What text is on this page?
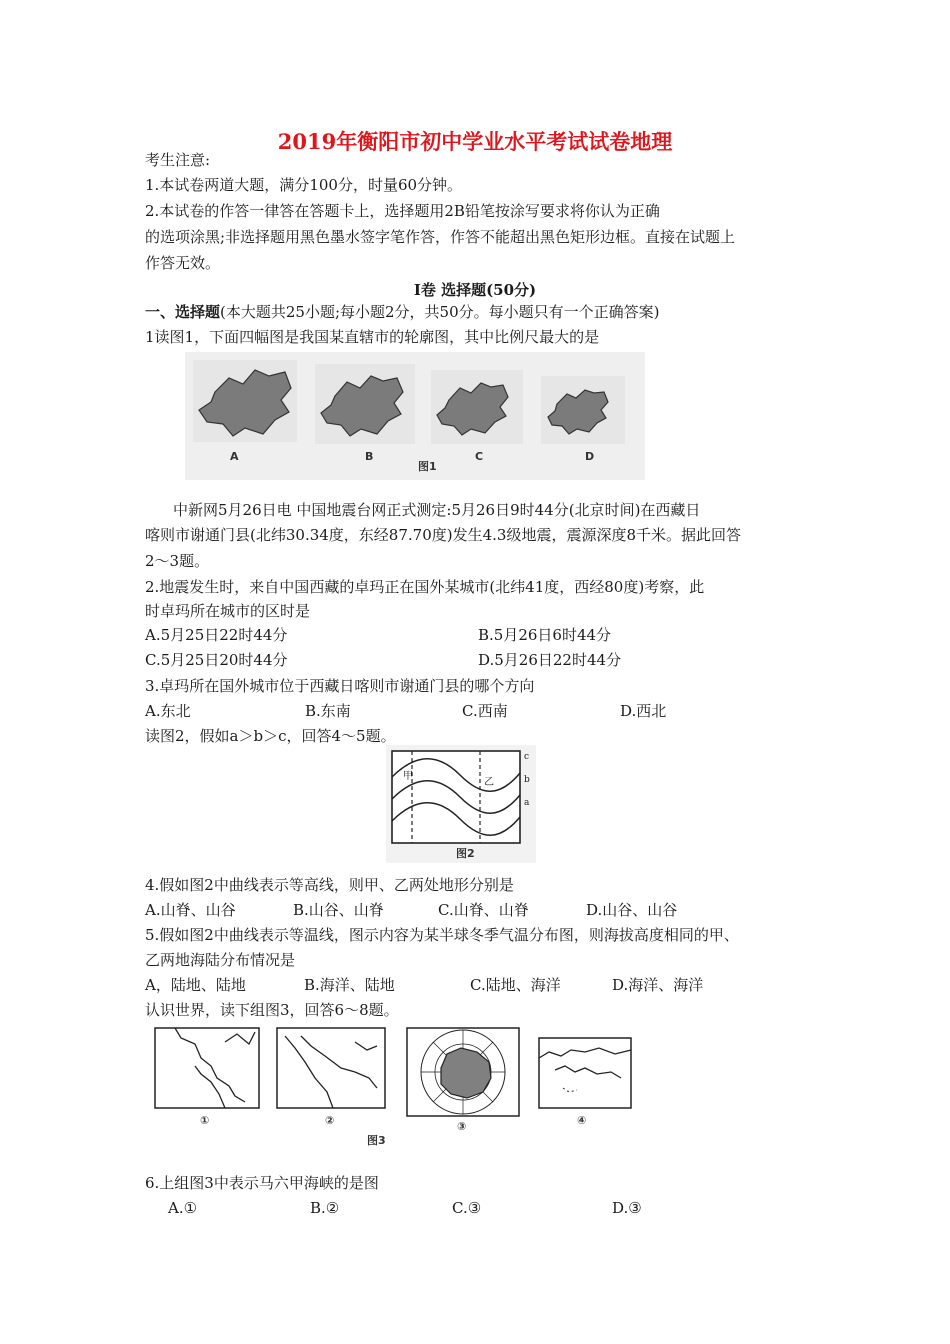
2019年衡阳市初中学业水平考试试卷地理
考生注意:
1.本试卷两道大题，满分100分，时量60分钟。
2.本试卷的作答一律答在答题卡上，选择题用2B铅笔按涂写要求将你认为正确
的选项涂黑;非选择题用黑色墨水签字笔作答，作答不能超出黑色矩形边框。直接在试题上
作答无效。
I卷 选择题(50分)
一、选择题(本大题共25小题;每小题2分，共50分。每小题只有一个正确答案)
1读图1，下面四幅图是我国某直辖市的轮廓图，其中比例尺最大的是
A	B	C	D
图1
中新网5月26日电 中国地震台网正式测定:5月26日9时44分(北京时间)在西藏日
喀则市谢通门县(北纬30.34度，东经87.70度)发生4.3级地震，震源深度8千米。据此回答
2～3题。
2.地震发生时，来自中国西藏的卓玛正在国外某城市(北纬41度，西经80度)考察，此
时卓玛所在城市的区时是
A.5月25日22时44分	B.5月26日6时44分
C.5月25日20时44分	D.5月26日22时44分
3.卓玛所在国外城市位于西藏日喀则市谢通门县的哪个方向
A.东北	B.东南	C.西南	D.西北
读图2，假如a＞b＞c，回答4～5题。
甲
乙
c
b
a
图2
4.假如图2中曲线表示等高线，则甲、乙两处地形分别是
A.山脊、山谷	B.山谷、山脊	C.山脊、山脊	D.山谷、山谷
5.假如图2中曲线表示等温线，图示内容为某半球冬季气温分布图，则海拔高度相同的甲、
乙两地海陆分布情况是
A，陆地、陆地	B.海洋、陆地	C.陆地、海洋	D.海洋、海洋
认识世界，读下组图3，回答6～8题。
①	②	③	④
图3
6.上组图3中表示马六甲海峡的是图
A.①	B.②	C.③	D.③
